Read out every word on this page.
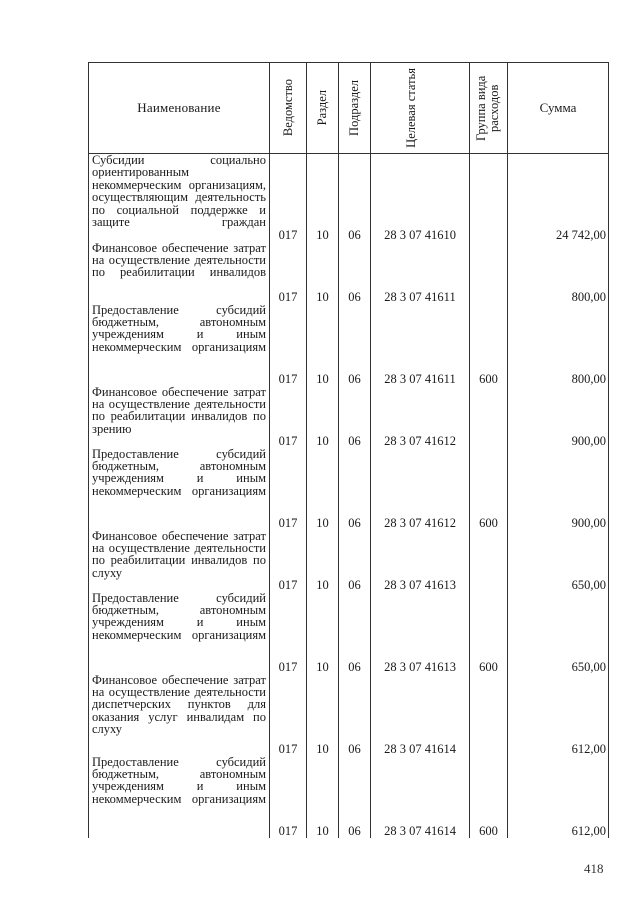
Наименование	Ведомство	Раздел	Подраздел	Целевая статья	Группа вида расходов	Сумма

Субсидии социально ориентированным некоммерческим организациям, осуществляющим деятельность по социальной поддержке и защите граждан	017	10	06	28 3 07 41610		24 742,00

Финансовое обеспечение затрат на осуществление деятельности по реабилитации инвалидов	017	10	06	28 3 07 41611		800,00

Предоставление субсидий бюджетным, автономным учреждениям и иным некоммерческим организациям	017	10	06	28 3 07 41611	600	800,00

Финансовое обеспечение затрат на осуществление деятельности по реабилитации инвалидов по зрению	017	10	06	28 3 07 41612		900,00

Предоставление субсидий бюджетным, автономным учреждениям и иным некоммерческим организациям	017	10	06	28 3 07 41612	600	900,00

Финансовое обеспечение затрат на осуществление деятельности по реабилитации инвалидов по слуху	017	10	06	28 3 07 41613		650,00

Предоставление субсидий бюджетным, автономным учреждениям и иным некоммерческим организациям	017	10	06	28 3 07 41613	600	650,00

Финансовое обеспечение затрат на осуществление деятельности диспетчерских пунктов для оказания услуг инвалидам по слуху	017	10	06	28 3 07 41614		612,00

Предоставление субсидий бюджетным, автономным учреждениям и иным некоммерческим организациям	017	10	06	28 3 07 41614	600	612,00
418
